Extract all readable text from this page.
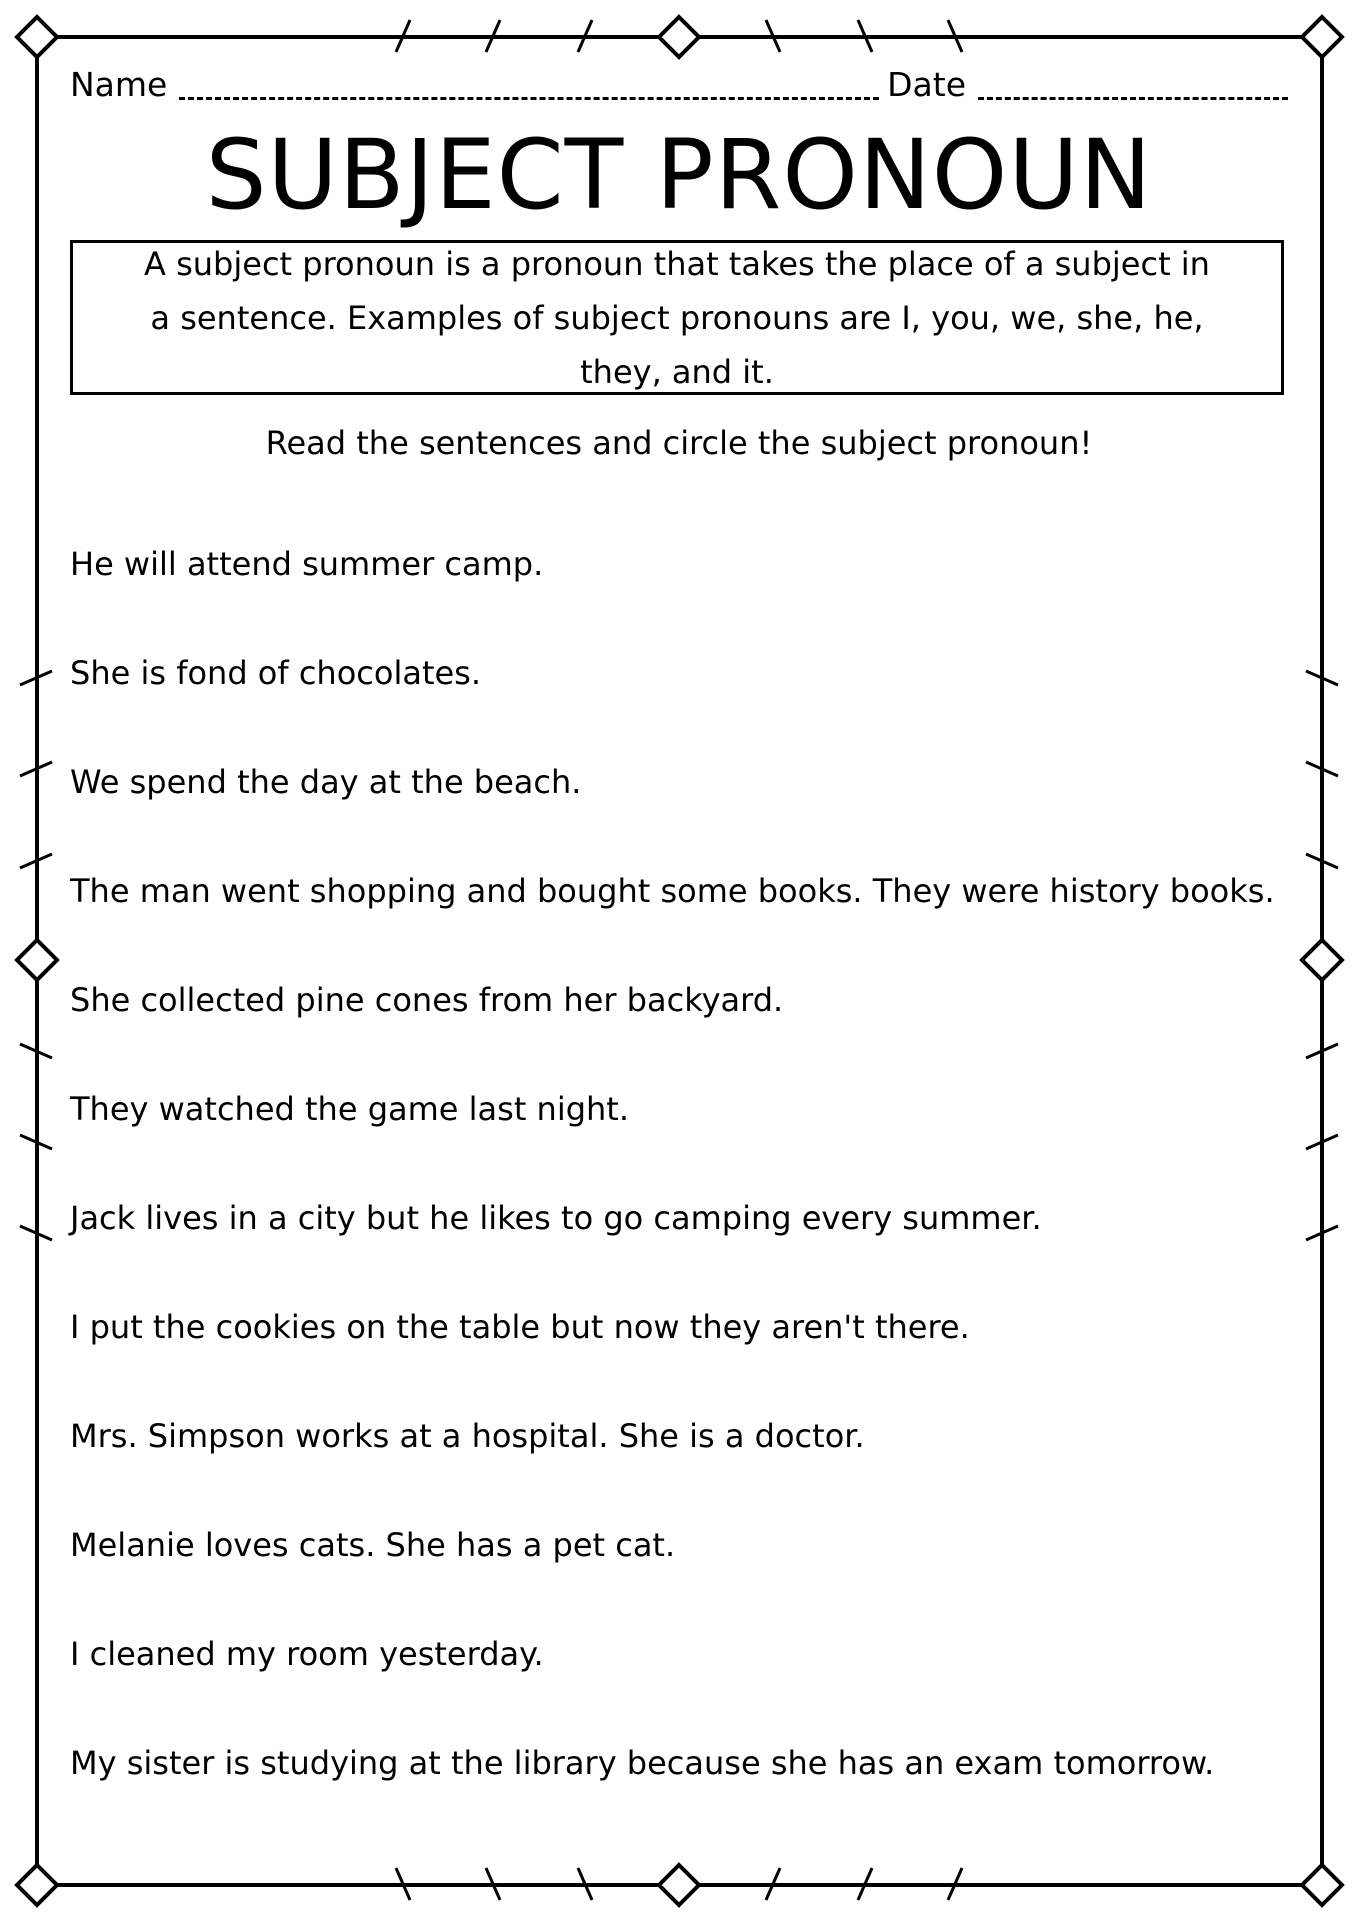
Name	Date
SUBJECT PRONOUN
A subject pronoun is a pronoun that takes the place of a subject in a sentence. Examples of subject pronouns are I, you, we, she, he, they, and it.
Read the sentences and circle the subject pronoun!
He will attend summer camp.
She is fond of chocolates.
We spend the day at the beach.
The man went shopping and bought some books. They were history books.
She collected pine cones from her backyard.
They watched the game last night.
Jack lives in a city but he likes to go camping every summer.
I put the cookies on the table but now they aren't there.
Mrs. Simpson works at a hospital. She is a doctor.
Melanie loves cats. She has a pet cat.
I cleaned my room yesterday.
My sister is studying at the library because she has an exam tomorrow.
